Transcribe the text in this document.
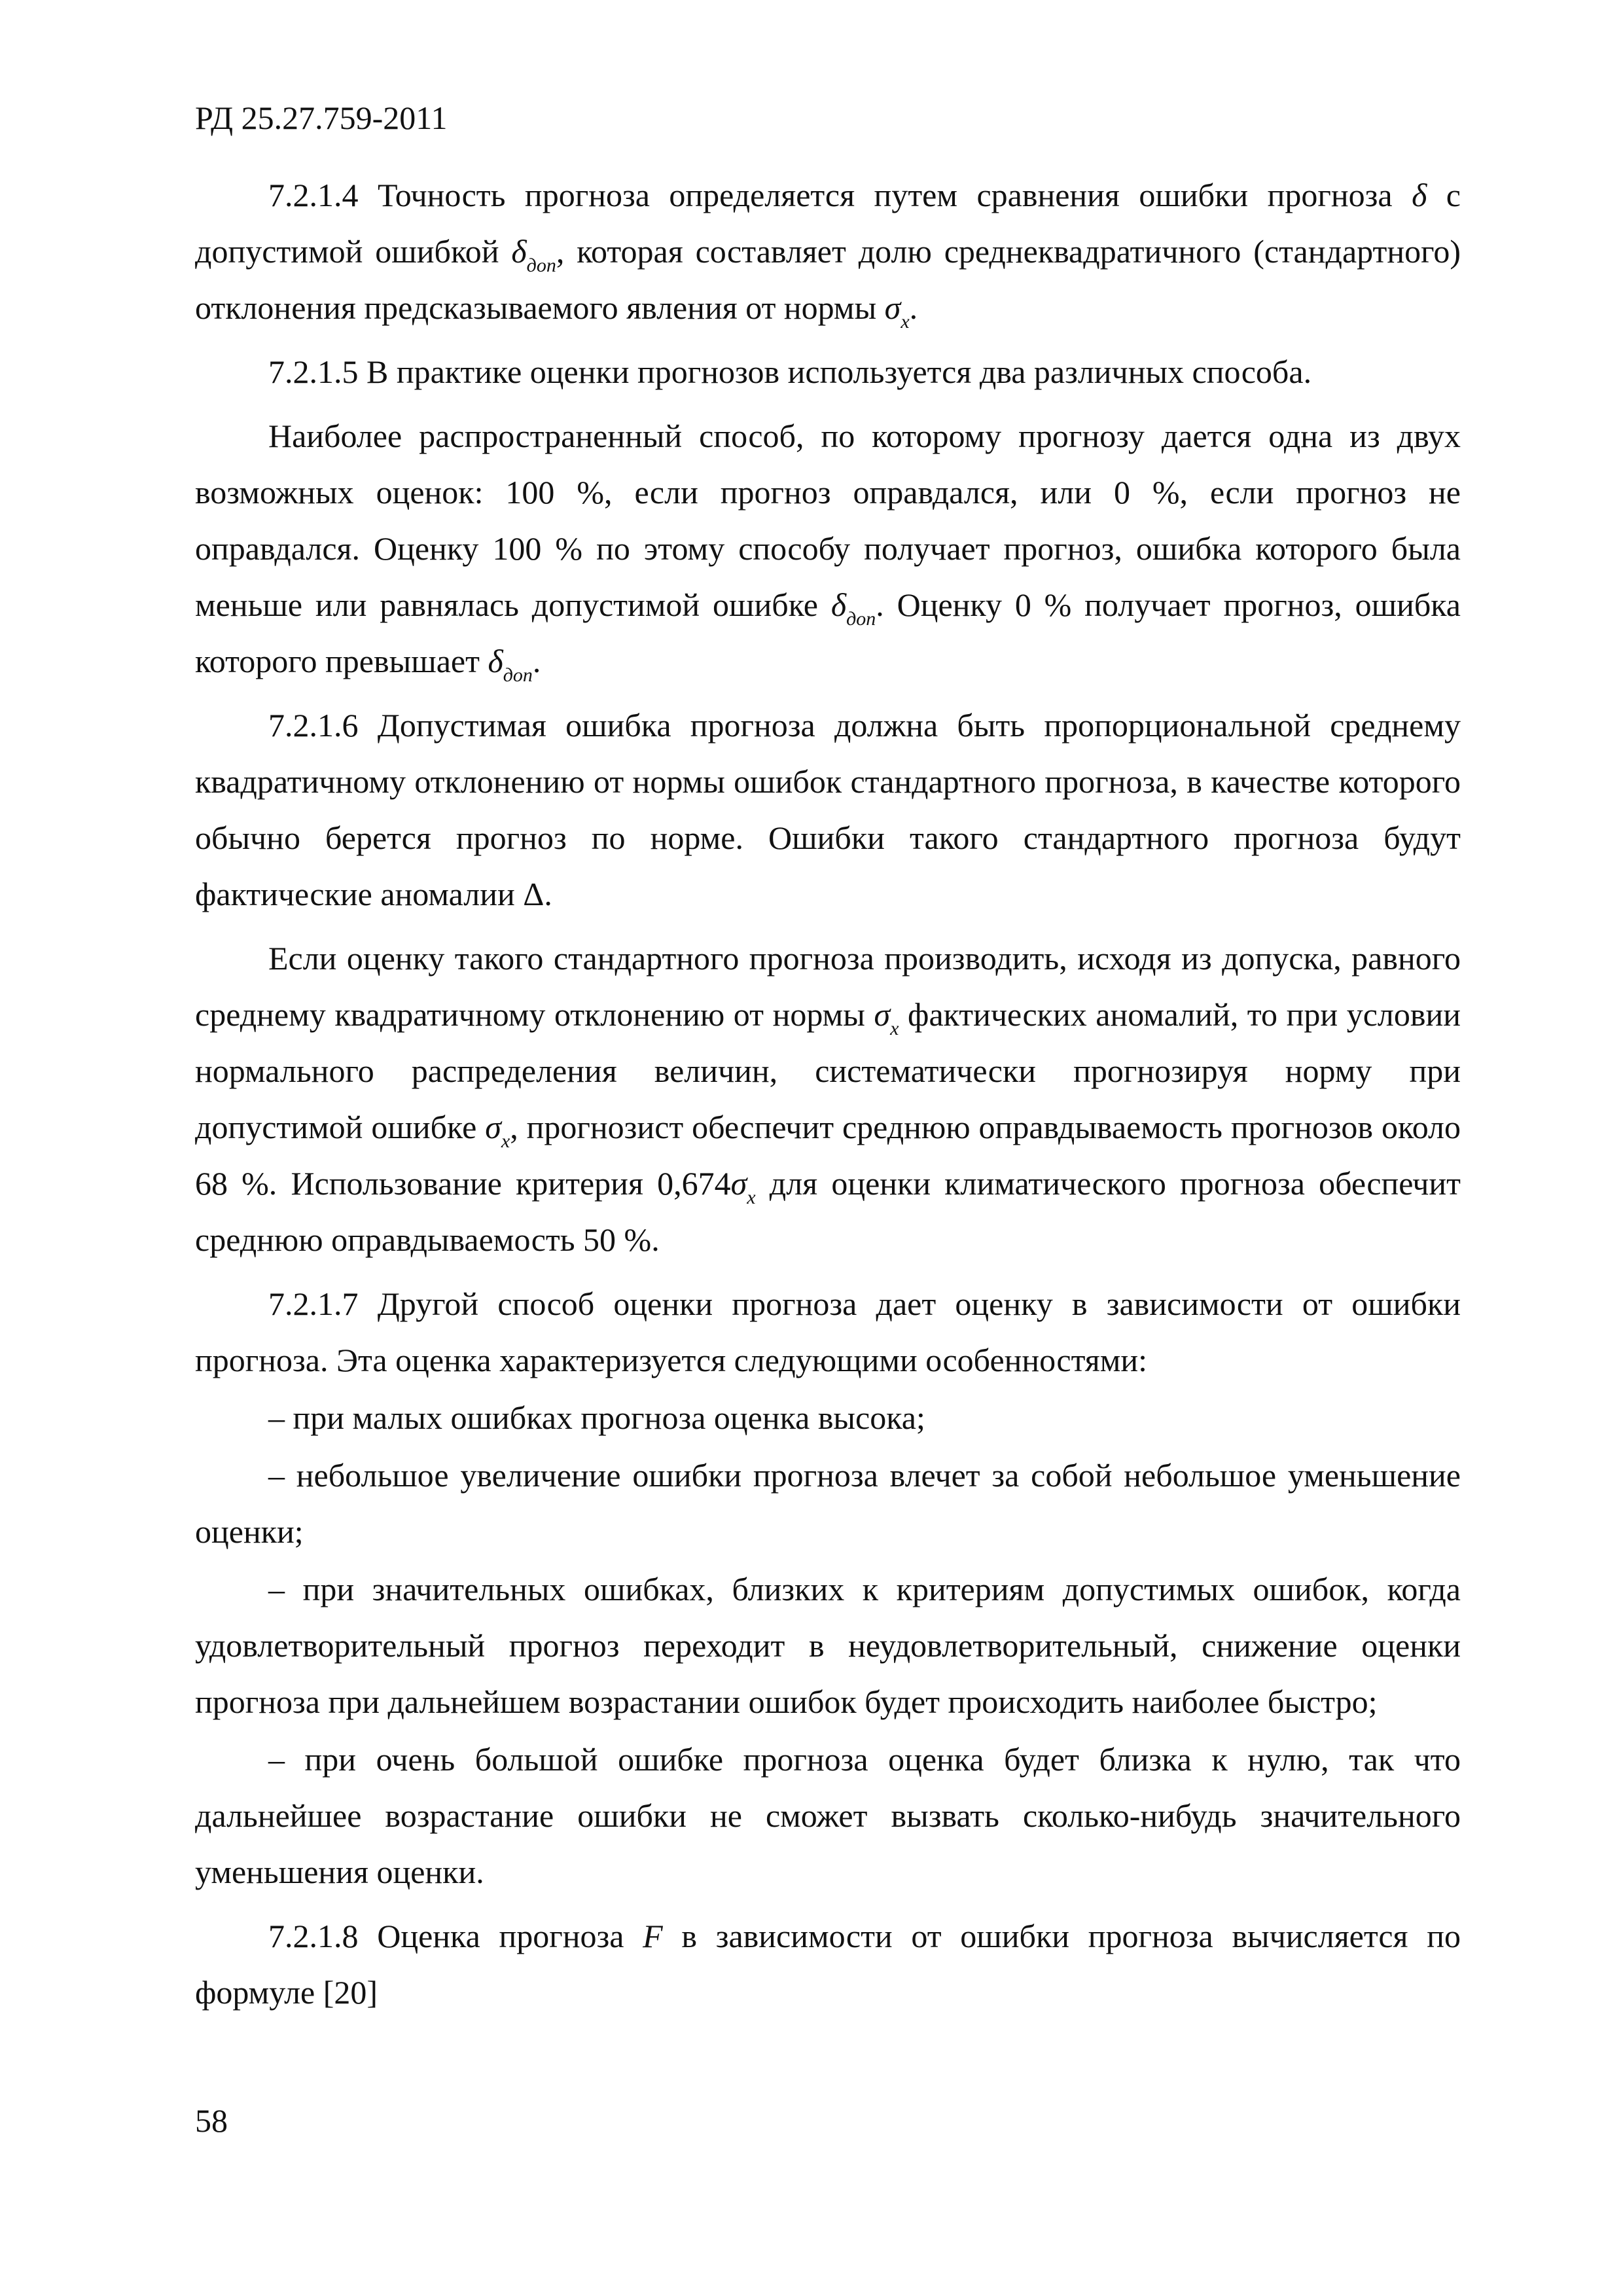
РД 25.27.759-2011

7.2.1.4 Точность прогноза определяется путем сравнения ошибки прогноза δ с допустимой ошибкой $\delta_{доп}$, которая составляет долю среднеквадратичного (стандартного) отклонения предсказываемого явления от нормы $\sigma_x$.

7.2.1.5 В практике оценки прогнозов используется два различных способа.

Наиболее распространенный способ, по которому прогнозу дается одна из двух возможных оценок: 100 %, если прогноз оправдался, или 0 %, если прогноз не оправдался. Оценку 100 % по этому способу получает прогноз, ошибка которого была меньше или равнялась допустимой ошибке $\delta_{доп}$. Оценку 0 % получает прогноз, ошибка которого превышает $\delta_{доп}$.

7.2.1.6 Допустимая ошибка прогноза должна быть пропорциональной среднему квадратичному отклонению от нормы ошибок стандартного прогноза, в качестве которого обычно берется прогноз по норме. Ошибки такого стандартного прогноза будут фактические аномалии Δ.

Если оценку такого стандартного прогноза производить, исходя из допуска, равного среднему квадратичному отклонению от нормы $\sigma_x$ фактических аномалий, то при условии нормального распределения величин, систематически прогнозируя норму при допустимой ошибке $\sigma_x$, прогнозист обеспечит среднюю оправдываемость прогнозов около 68 %. Использование критерия $0,674\sigma_x$ для оценки климатического прогноза обеспечит среднюю оправдываемость 50 %.

7.2.1.7 Другой способ оценки прогноза дает оценку в зависимости от ошибки прогноза. Эта оценка характеризуется следующими особенностями:

– при малых ошибках прогноза оценка высока;

– небольшое увеличение ошибки прогноза влечет за собой небольшое уменьшение оценки;

– при значительных ошибках, близких к критериям допустимых ошибок, когда удовлетворительный прогноз переходит в неудовлетворительный, снижение оценки прогноза при дальнейшем возрастании ошибок будет происходить наиболее быстро;

– при очень большой ошибке прогноза оценка будет близка к нулю, так что дальнейшее возрастание ошибки не сможет вызвать сколько-нибудь значительного уменьшения оценки.

7.2.1.8 Оценка прогноза F в зависимости от ошибки прогноза вычисляется по формуле [20]

58
